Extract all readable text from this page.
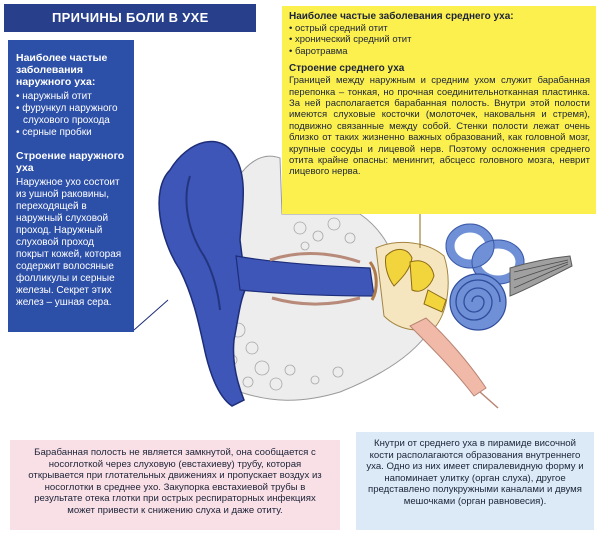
ПРИЧИНЫ БОЛИ В УХЕ
Наиболее частые заболевания наружного уха:
• наружный отит
• фурункул наружного слухового прохода
• серные пробки
Строение наружного уха

Наружное ухо состоит из ушной раковины, переходящей в наружный слуховой проход. Наружный слуховой проход покрыт кожей, которая содержит волосяные фолликулы и серные железы. Секрет этих желез – ушная сера.

Наиболее частые заболевания среднего уха:
• острый средний отит
• хронический средний отит
• баротравма
Строение среднего уха

Границей между наружным и средним ухом служит барабанная перепонка – тонкая, но прочная соединительнотканная пластинка. За ней располагается барабанная полость. Внутри этой полости имеются слуховые косточки (молоточек, наковальня и стремя), подвижно связанные между собой. Стенки полости лежат очень близко от таких жизненно важных образований, как головной мозг, крупные сосуды и лицевой нерв. Поэтому осложнения среднего отита крайне опасны: менингит, абсцесс головного мозга, неврит лицевого нерва.

Барабанная полость не является замкнутой, она сообщается с носоглоткой через слуховую (евстахиеву) трубу, которая открывается при глотательных движениях и пропускает воздух из носоглотки в среднее ухо. Закупорка евстахиевой трубы в результате отека глотки при острых респираторных инфекциях может привести к снижению слуха и даже отиту.
Кнутри от среднего уха в пирамиде височной кости располагаются образования внутреннего уха. Одно из них имеет спиралевидную форму и напоминает улитку (орган слуха), другое представлено полукружными каналами и двумя мешочками (орган равновесия).
